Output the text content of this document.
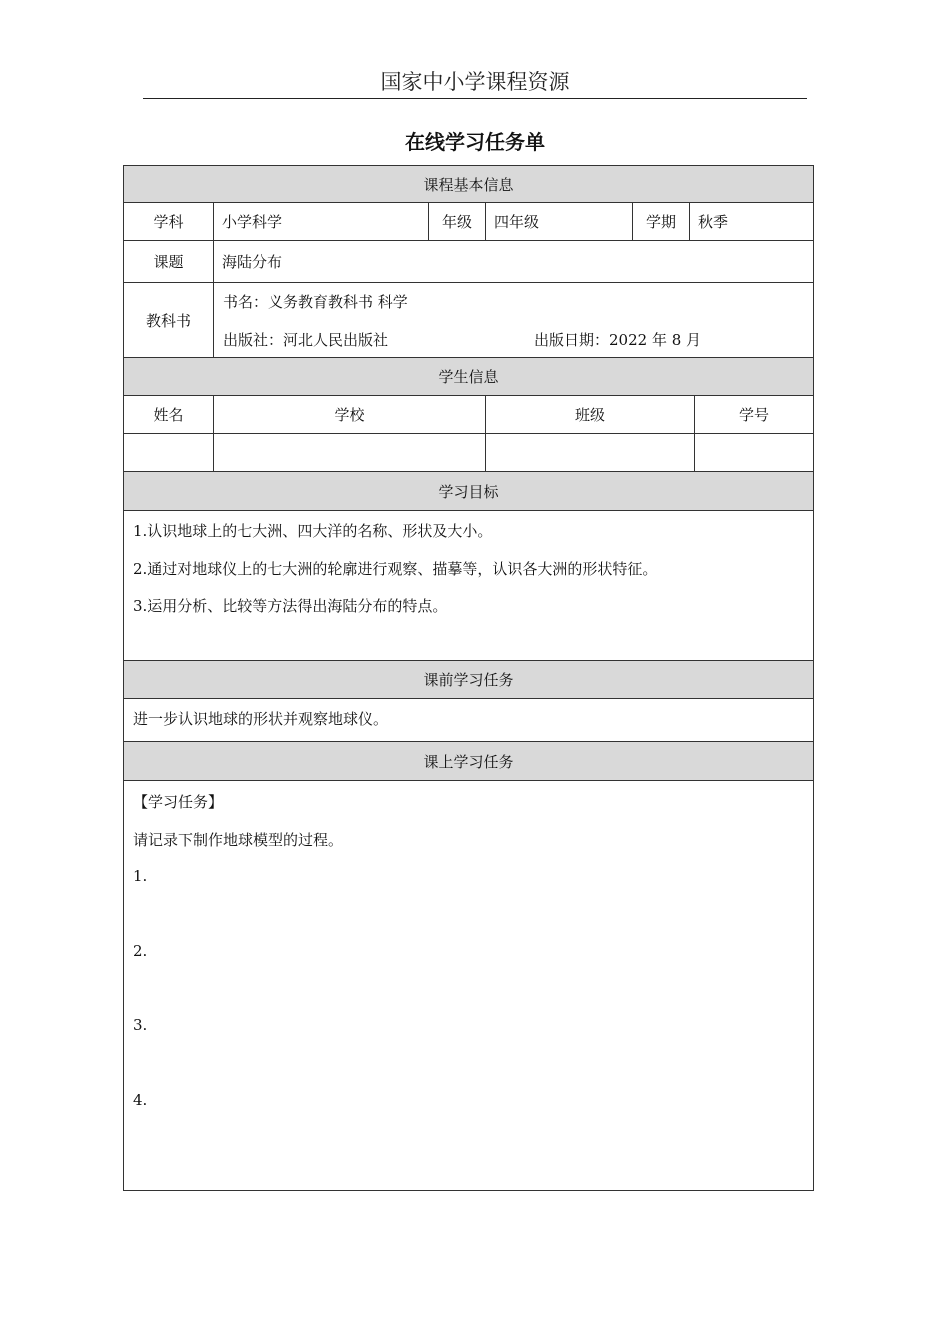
国家中小学课程资源
在线学习任务单
课程基本信息
学科	小学科学	年级	四年级	学期	秋季
课题	海陆分布
教科书
书名：义务教育教科书 科学
出版社：河北人民出版社	出版日期：2022 年 8 月
学生信息
姓名	学校	班级	学号
学习目标
1.认识地球上的七大洲、四大洋的名称、形状及大小。
2.通过对地球仪上的七大洲的轮廓进行观察、描摹等，认识各大洲的形状特征。
3.运用分析、比较等方法得出海陆分布的特点。
课前学习任务
进一步认识地球的形状并观察地球仪。
课上学习任务
【学习任务】
请记录下制作地球模型的过程。
1.
2.
3.
4.
